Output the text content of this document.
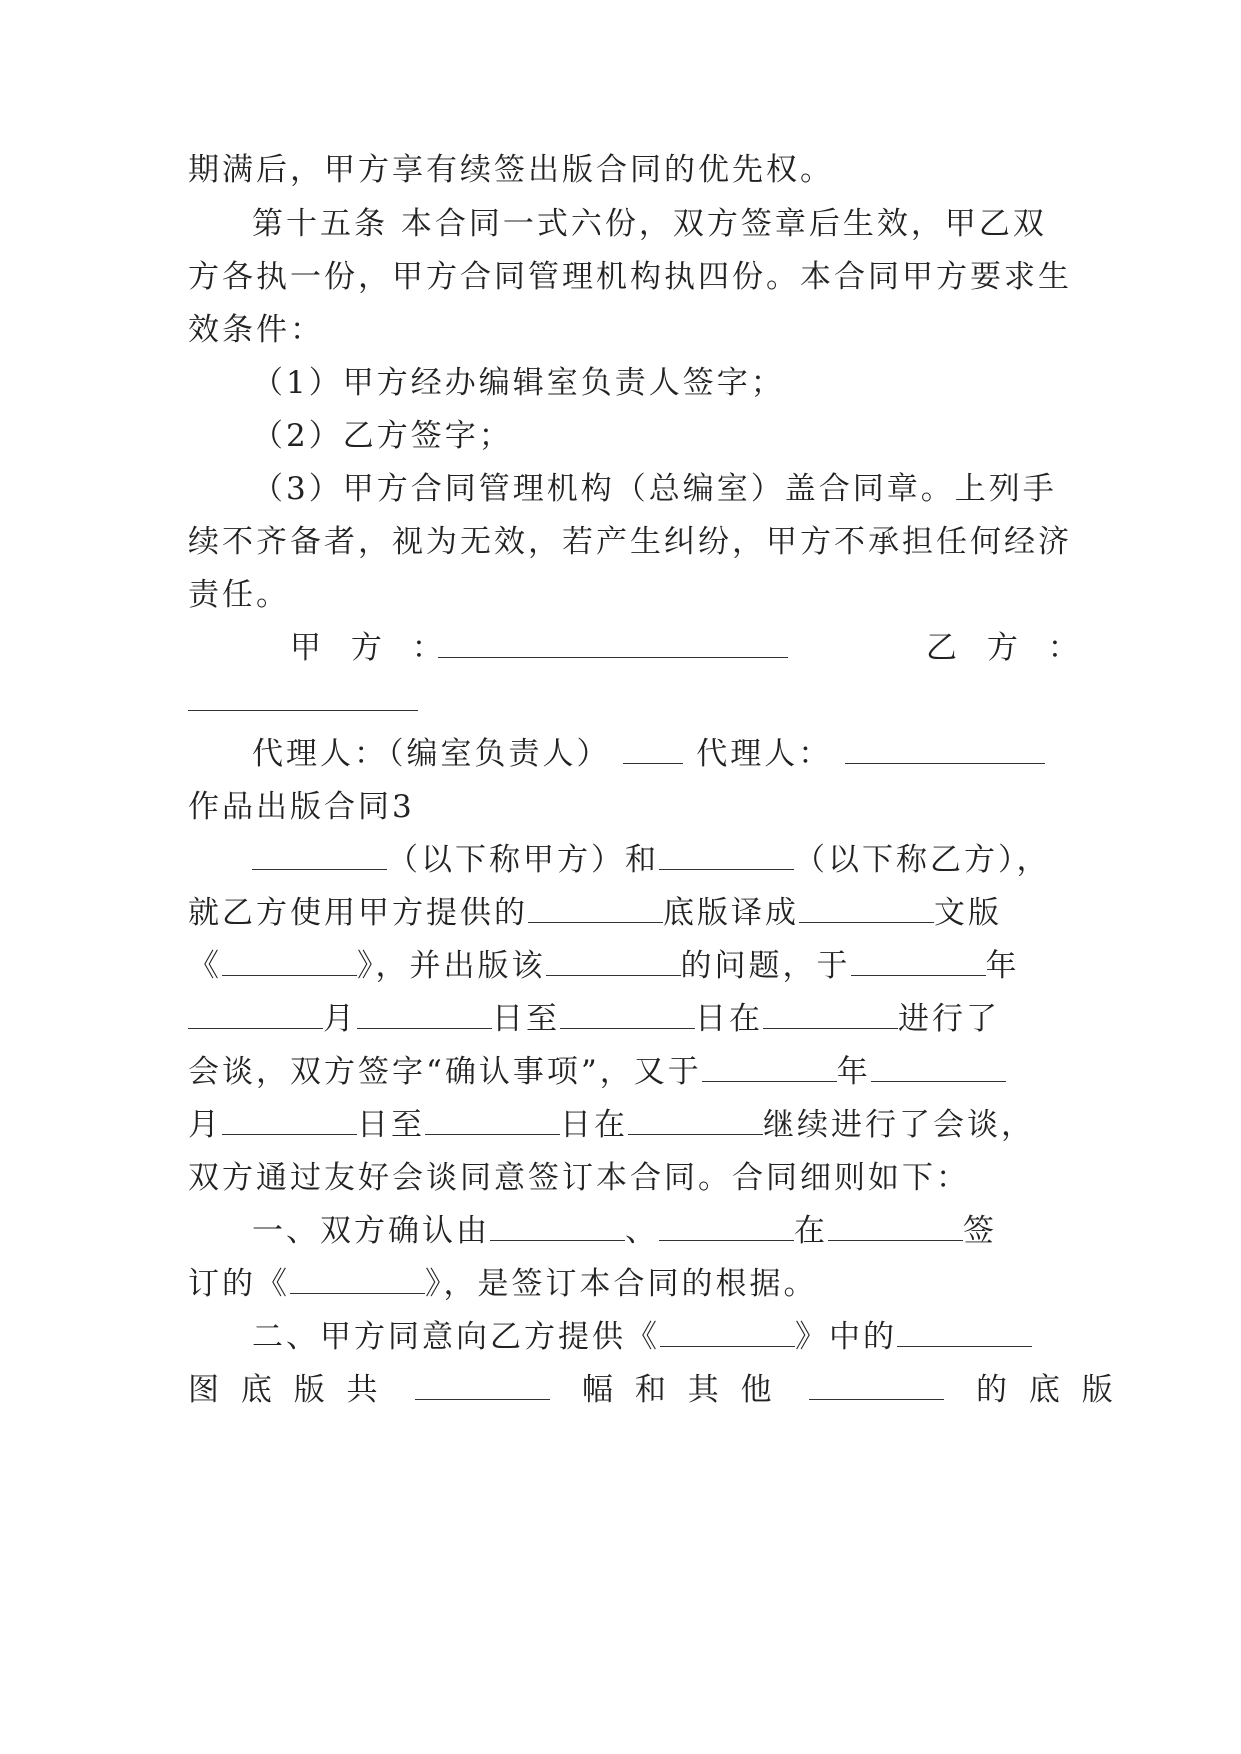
期满后，甲方享有续签出版合同的优先权。
第十五条 本合同一式六份，双方签章后生效，甲乙双
方各执一份，甲方合同管理机构执四份。本合同甲方要求生
效条件：
（1）甲方经办编辑室负责人签字；
（2）乙方签字；
（3）甲方合同管理机构（总编室）盖合同章。上列手
续不齐备者，视为无效，若产生纠纷，甲方不承担任何经济
责任。
甲 方 ：	乙 方 ：
代理人：（编室负责人）	代理人：
作品出版合同3
（以下称甲方）和	（以下称乙方），
就乙方使用甲方提供的	底版译成	文版
《	》，并出版该	的问题，于	年
月	日至	日在	进行了
会谈，双方签字“确认事项”，又于	年
月	日至	日在	继续进行了会谈，
双方通过友好会谈同意签订本合同。合同细则如下：
一、双方确认由	、	在	签
订的《	》，是签订本合同的根据。
二、甲方同意向乙方提供《	》中的
图 底 版 共	幅 和 其 他	的 底 版
